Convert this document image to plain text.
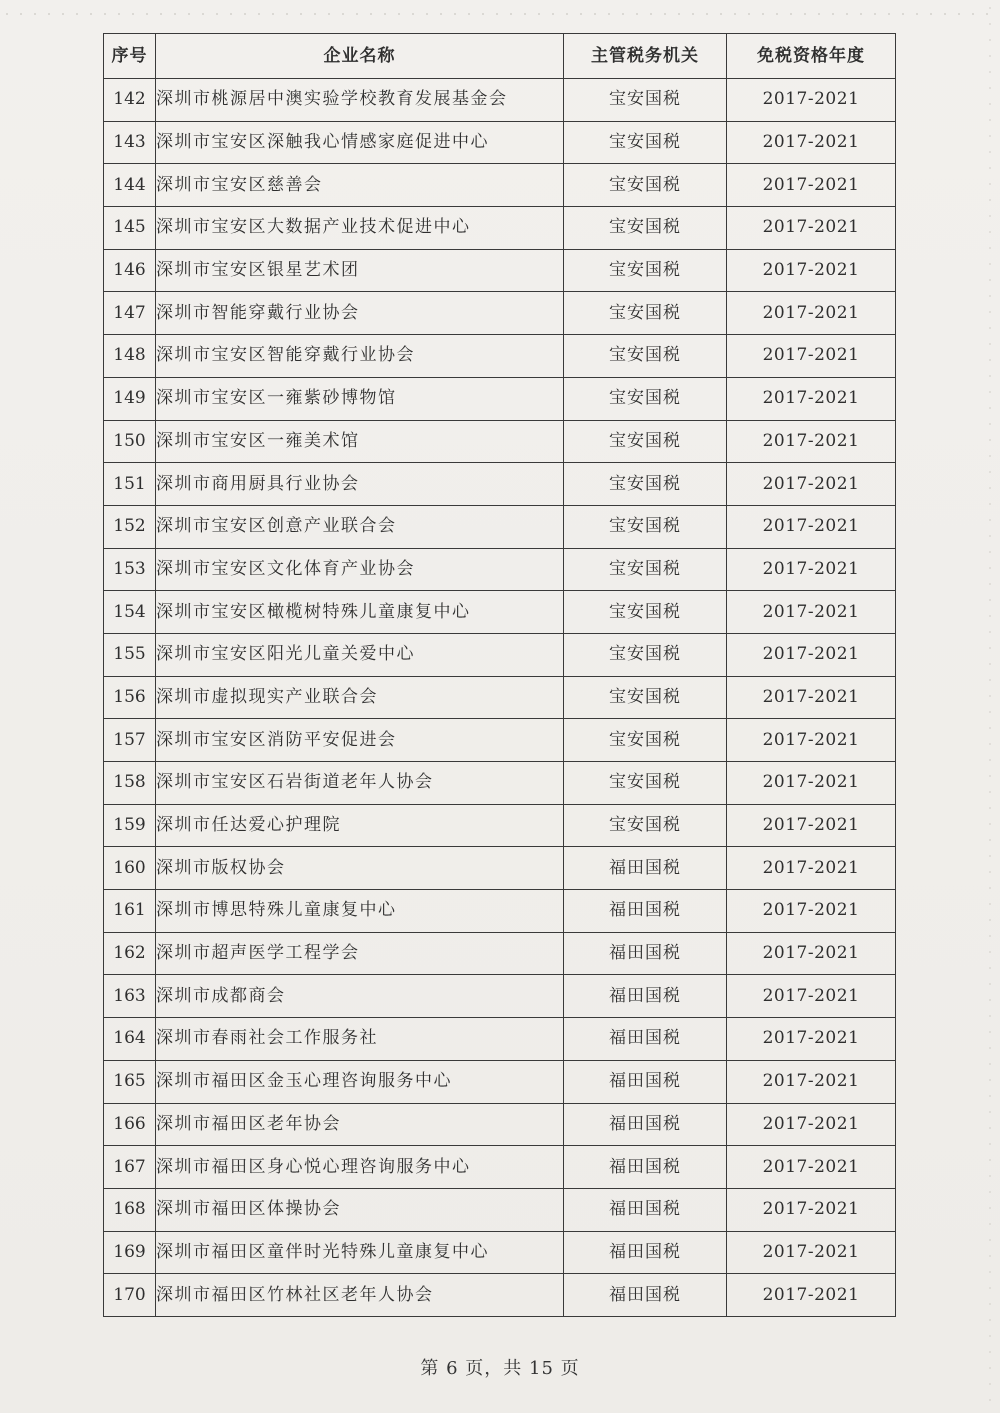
序号	企业名称	主管税务机关	免税资格年度
142	深圳市桃源居中澳实验学校教育发展基金会	宝安国税	2017-2021
143	深圳市宝安区深触我心情感家庭促进中心	宝安国税	2017-2021
144	深圳市宝安区慈善会	宝安国税	2017-2021
145	深圳市宝安区大数据产业技术促进中心	宝安国税	2017-2021
146	深圳市宝安区银星艺术团	宝安国税	2017-2021
147	深圳市智能穿戴行业协会	宝安国税	2017-2021
148	深圳市宝安区智能穿戴行业协会	宝安国税	2017-2021
149	深圳市宝安区一雍紫砂博物馆	宝安国税	2017-2021
150	深圳市宝安区一雍美术馆	宝安国税	2017-2021
151	深圳市商用厨具行业协会	宝安国税	2017-2021
152	深圳市宝安区创意产业联合会	宝安国税	2017-2021
153	深圳市宝安区文化体育产业协会	宝安国税	2017-2021
154	深圳市宝安区橄榄树特殊儿童康复中心	宝安国税	2017-2021
155	深圳市宝安区阳光儿童关爱中心	宝安国税	2017-2021
156	深圳市虚拟现实产业联合会	宝安国税	2017-2021
157	深圳市宝安区消防平安促进会	宝安国税	2017-2021
158	深圳市宝安区石岩街道老年人协会	宝安国税	2017-2021
159	深圳市任达爱心护理院	宝安国税	2017-2021
160	深圳市版权协会	福田国税	2017-2021
161	深圳市博思特殊儿童康复中心	福田国税	2017-2021
162	深圳市超声医学工程学会	福田国税	2017-2021
163	深圳市成都商会	福田国税	2017-2021
164	深圳市春雨社会工作服务社	福田国税	2017-2021
165	深圳市福田区金玉心理咨询服务中心	福田国税	2017-2021
166	深圳市福田区老年协会	福田国税	2017-2021
167	深圳市福田区身心悦心理咨询服务中心	福田国税	2017-2021
168	深圳市福田区体操协会	福田国税	2017-2021
169	深圳市福田区童伴时光特殊儿童康复中心	福田国税	2017-2021
170	深圳市福田区竹林社区老年人协会	福田国税	2017-2021
第 6 页，共 15 页
